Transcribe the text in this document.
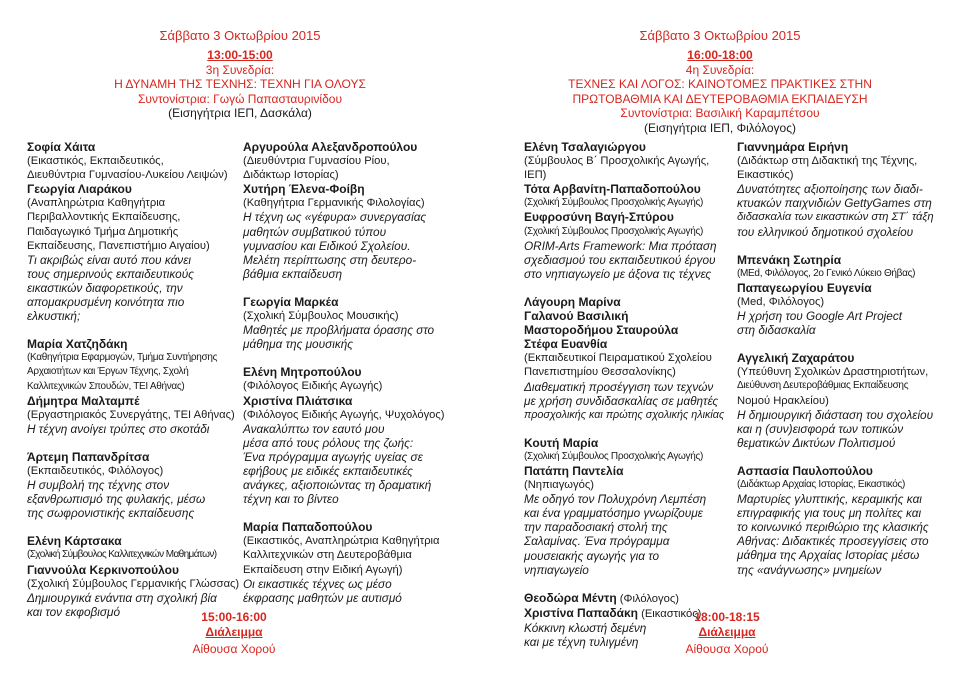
Σάββατο 3 Οκτωβρίου 2015
13:00-15:00
3η Συνεδρία:
Η ΔΥΝΑΜΗ ΤΗΣ ΤΕΧΝΗΣ: ΤΕΧΝΗ ΓΙΑ ΟΛΟΥΣ
Συντονίστρια: Γωγώ Παπασταυρινίδου
(Εισηγήτρια ΙΕΠ, Δασκάλα)

Σοφία Χάιτα

(Εικαστικός, Εκπαιδευτικός,

Διευθύντρια Γυμνασίου-Λυκείου Λειψών)

Γεωργία Λιαράκου

(Αναπληρώτρια Καθηγήτρια

Περιβαλλοντικής Εκπαίδευσης,

Παιδαγωγικό Τμήμα Δημοτικής

Εκπαίδευσης, Πανεπιστήμιο Αιγαίου)

Τι ακριβώς είναι αυτό που κάνει

τους σημερινούς εκπαιδευτικούς

εικαστικών διαφορετικούς, την

απομακρυσμένη κοινότητα πιο

ελκυστική;

Μαρία Χατζηδάκη

(Καθηγήτρια Εφαρμογών, Τμήμα Συντήρησης

Αρχαιοτήτων και Έργων Τέχνης, Σχολή

Καλλιτεχνικών Σπουδών, ΤΕΙ Αθήνας)

Δήμητρα Μαλταμπέ

(Εργαστηριακός Συνεργάτης, ΤΕΙ Αθήνας)

Η τέχνη ανοίγει τρύπες στο σκοτάδι

Άρτεμη Παπανδρίτσα

(Εκπαιδευτικός, Φιλόλογος)

Η συμβολή της τέχνης στον

εξανθρωπισμό της φυλακής, μέσω

της σωφρονιστικής εκπαίδευσης

Ελένη Κάρτσακα

(Σχολική Σύμβουλος Καλλιτεχνικών Μαθημάτων)

Γιαννούλα Κερκινοπούλου

(Σχολική Σύμβουλος Γερμανικής Γλώσσας)

Δημιουργικά ενάντια στη σχολική βία

και τον εκφοβισμό

Αργυρούλα Αλεξανδροπούλου

(Διευθύντρια Γυμνασίου Ρίου,

Διδάκτωρ Ιστορίας)

Χυτήρη Έλενα-Φοίβη

(Καθηγήτρια Γερμανικής Φιλολογίας)

Η τέχνη ως «γέφυρα» συνεργασίας

μαθητών συμβατικού τύπου

γυμνασίου και Ειδικού Σχολείου.

Μελέτη περίπτωσης στη δευτερο-

βάθμια εκπαίδευση

Γεωργία Μαρκέα

(Σχολική Σύμβουλος Μουσικής)

Μαθητές με προβλήματα όρασης στο

μάθημα της μουσικής

Ελένη Μητροπούλου

(Φιλόλογος Ειδικής Αγωγής)

Χριστίνα Πλιάτσικα

(Φιλόλογος Ειδικής Αγωγής, Ψυχολόγος)

Ανακαλύπτω τον εαυτό μου

μέσα από τους ρόλους της ζωής:

Ένα πρόγραμμα αγωγής υγείας σε

εφήβους με ειδικές εκπαιδευτικές

ανάγκες, αξιοποιώντας τη δραματική

τέχνη και το βίντεο

Μαρία Παπαδοπούλου

(Εικαστικός, Αναπληρώτρια Καθηγήτρια

Καλλιτεχνικών στη Δευτεροβάθμια

Εκπαίδευση στην Ειδική Αγωγή)

Οι εικαστικές τέχνες ως μέσο

έκφρασης μαθητών με αυτισμό

15:00-16:00
Διάλειμμα
Αίθουσα Χορού
Σάββατο 3 Οκτωβρίου 2015
16:00-18:00
4η Συνεδρία:
ΤΕΧΝΕΣ ΚΑΙ ΛΟΓΟΣ: ΚΑΙΝΟΤΟΜΕΣ ΠΡΑΚΤΙΚΕΣ ΣΤΗΝ
ΠΡΩΤΟΒΑΘΜΙΑ ΚΑΙ ΔΕΥΤΕΡΟΒΑΘΜΙΑ ΕΚΠΑΙΔΕΥΣΗ
Συντονίστρια: Βασιλική Καραμπέτσου
(Εισηγήτρια ΙΕΠ, Φιλόλογος)

Ελένη Τσαλαγιώργου

(Σύμβουλος Β΄ Προσχολικής Αγωγής, ΙΕΠ)

Τότα Αρβανίτη-Παπαδοπούλου

(Σχολική Σύμβουλος Προσχολικής Αγωγής)

Ευφροσύνη Βαγή-Σπύρου

(Σχολική Σύμβουλος Προσχολικής Αγωγής)

ORIM-Arts Framework: Μια πρόταση

σχεδιασμού του εκπαιδευτικού έργου

στο νηπιαγωγείο με άξονα τις τέχνες

Λάγουρη Μαρίνα

Γαλανού Βασιλική

Μαστοροδήμου Σταυρούλα

Στέφα Ευανθία

(Εκπαιδευτικοί Πειραματικού Σχολείου

Πανεπιστημίου Θεσσαλονίκης)

Διαθεματική προσέγγιση των τεχνών

με χρήση συνδιδασκαλίας σε μαθητές

προσχολικής και πρώτης σχολικής ηλικίας

Κουτή Μαρία

(Σχολική Σύμβουλος Προσχολικής Αγωγής)

Πατάπη Παντελία

(Νηπιαγωγός)

Με οδηγό τον Πολυχρόνη Λεμπέση

και ένα γραμματόσημο γνωρίζουμε

την παραδοσιακή στολή της

Σαλαμίνας. Ένα πρόγραμμα

μουσειακής αγωγής για το

νηπιαγωγείο

Θεοδώρα Μέντη (Φιλόλογος)

Χριστίνα Παπαδάκη (Εικαστικός)

Κόκκινη κλωστή δεμένη

και με τέχνη τυλιγμένη

Γιαννημάρα Ειρήνη

(Διδάκτωρ στη Διδακτική της Τέχνης,

Εικαστικός)

Δυνατότητες αξιοποίησης των διαδι-

κτυακών παιχνιδιών GettyGames στη

διδασκαλία των εικαστικών στη ΣΤ΄ τάξη

του ελληνικού δημοτικού σχολείου

Μπενάκη Σωτηρία

(MEd, Φιλόλογος, 2ο Γενικό Λύκειο Θήβας)

Παπαγεωργίου Ευγενία

(Med, Φιλόλογος)

Η χρήση του Google Art Project

στη διδασκαλία

Αγγελική Ζαχαράτου

(Υπεύθυνη Σχολικών Δραστηριοτήτων,

Διεύθυνση Δευτεροβάθμιας Εκπαίδευσης

Νομού Ηρακλείου)

Η δημιουργική διάσταση του σχολείου

και η (συν)εισφορά των τοπικών

θεματικών Δικτύων Πολιτισμού

Ασπασία Παυλοπούλου

(Διδάκτωρ Αρχαίας Ιστορίας, Εικαστικός)

Μαρτυρίες γλυπτικής, κεραμικής και

επιγραφικής για τους μη πολίτες και

το κοινωνικό περιθώριο της κλασικής

Αθήνας: Διδακτικές προσεγγίσεις στο

μάθημα της Αρχαίας Ιστορίας μέσω

της «ανάγνωσης» μνημείων

18:00-18:15
Διάλειμμα
Αίθουσα Χορού
